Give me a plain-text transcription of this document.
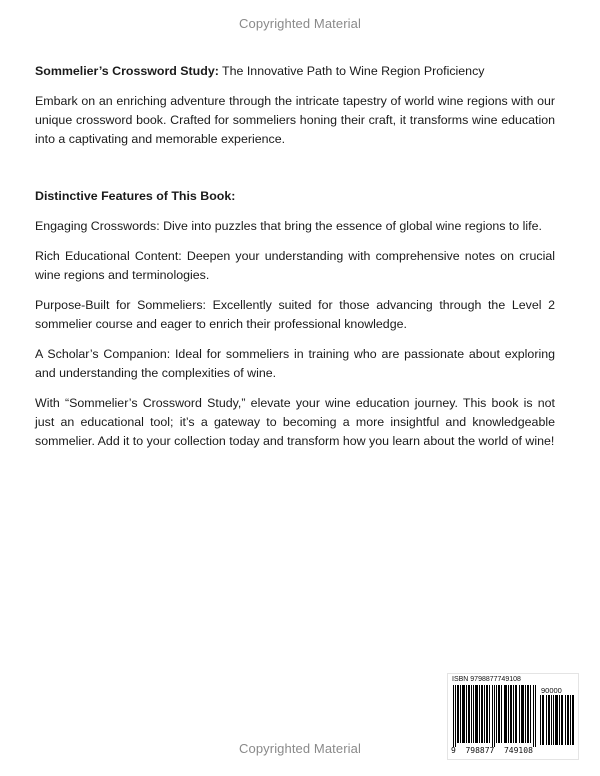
Copyrighted Material

Sommelier’s Crossword Study: The Innovative Path to Wine Region Proficiency

Embark on an enriching adventure through the intricate tapestry of world wine regions with our unique crossword book. Crafted for sommeliers honing their craft, it transforms wine education into a captivating and memorable experience.

Distinctive Features of This Book:

Engaging Crosswords: Dive into puzzles that bring the essence of global wine regions to life.

Rich Educational Content: Deepen your understanding with comprehensive notes on crucial wine regions and terminologies.

Purpose-Built for Sommeliers: Excellently suited for those advancing through the Level 2 sommelier course and eager to enrich their professional knowledge.

A Scholar’s Companion: Ideal for sommeliers in training who are passionate about exploring and understanding the complexities of wine.

With “Sommelier’s Crossword Study,” elevate your wine education journey. This book is not just an educational tool; it’s a gateway to becoming a more insightful and knowledgeable sommelier. Add it to your collection today and transform how you learn about the world of wine!

ISBN 9798877749108
90000
9  798877  749108
Copyrighted Material
